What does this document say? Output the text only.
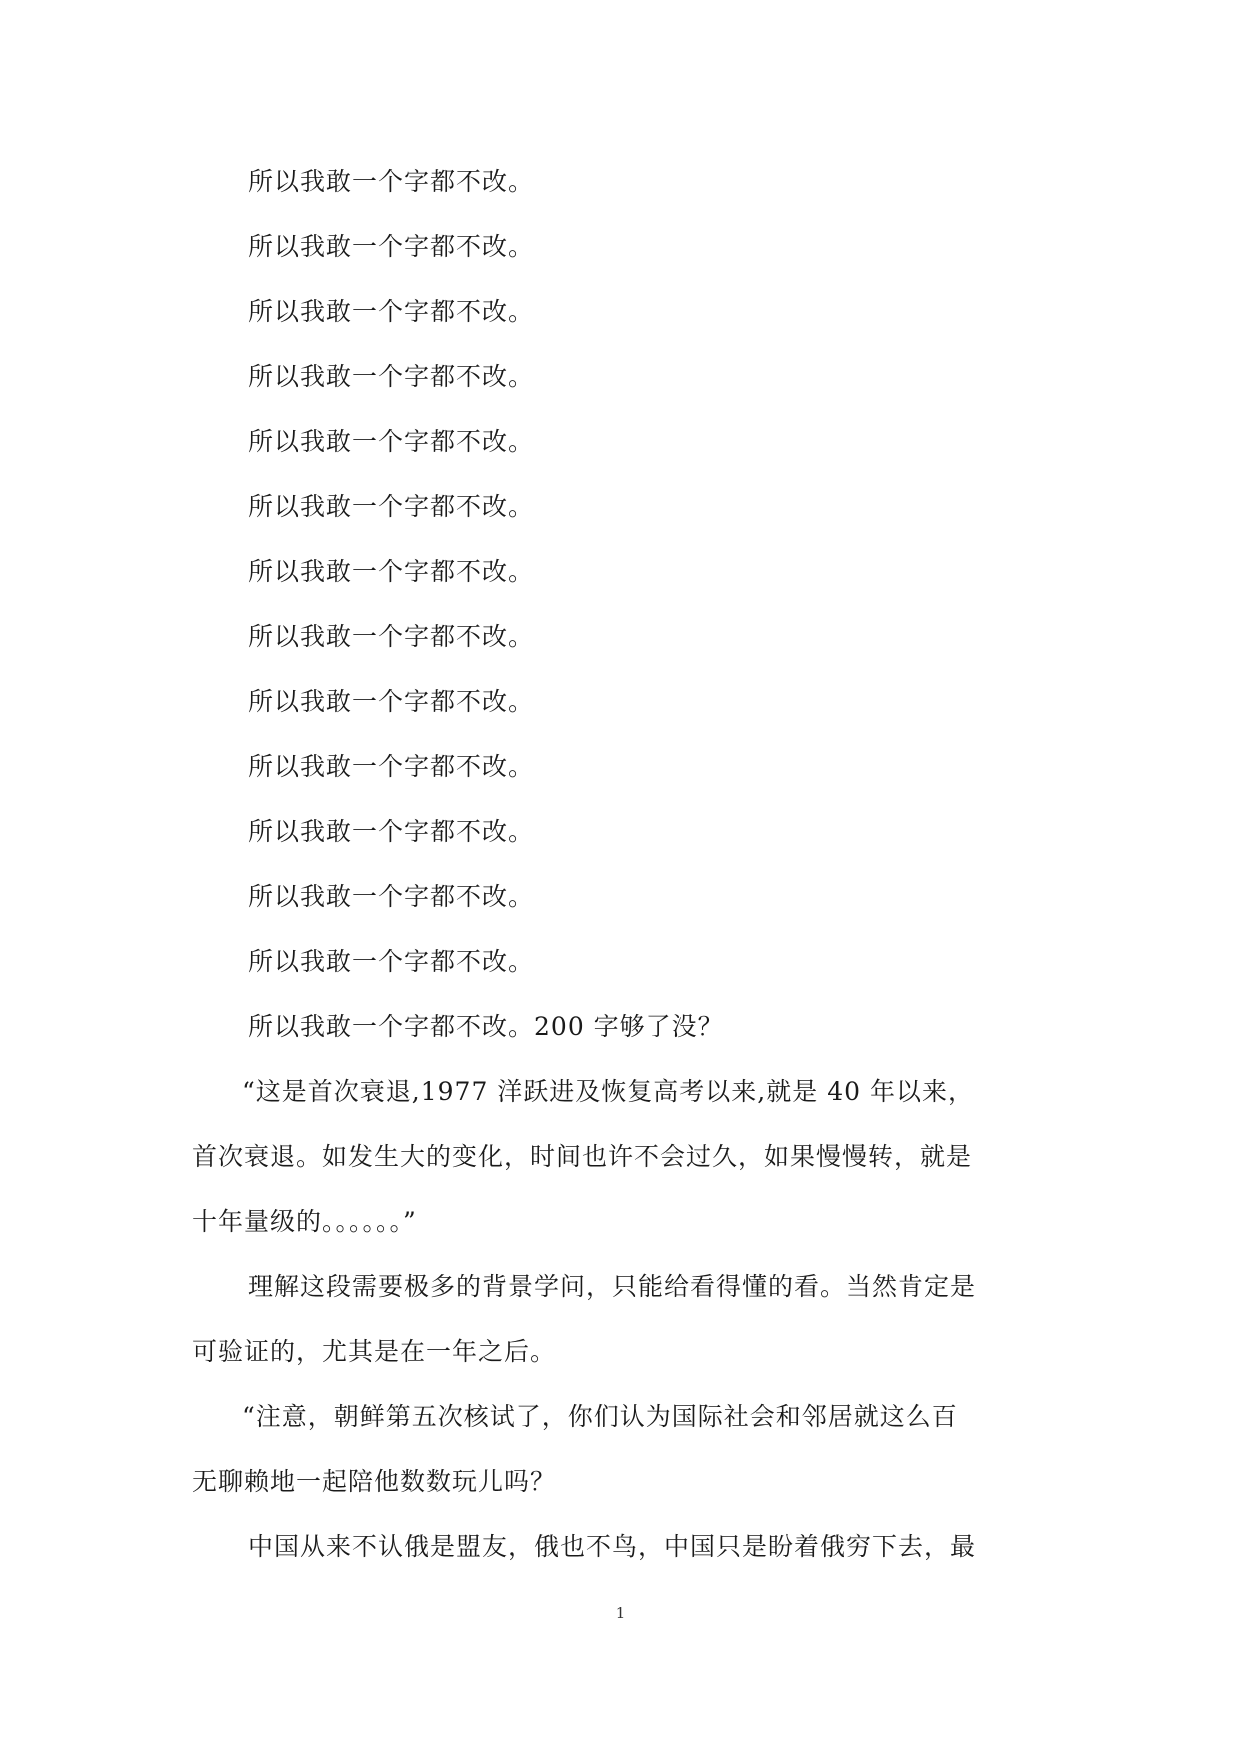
所以我敢一个字都不改。
所以我敢一个字都不改。
所以我敢一个字都不改。
所以我敢一个字都不改。
所以我敢一个字都不改。
所以我敢一个字都不改。
所以我敢一个字都不改。
所以我敢一个字都不改。
所以我敢一个字都不改。
所以我敢一个字都不改。
所以我敢一个字都不改。
所以我敢一个字都不改。
所以我敢一个字都不改。
所以我敢一个字都不改。200 字够了没？
“这是首次衰退,1977 洋跃进及恢复高考以来,就是 40 年以来，
首次衰退。如发生大的变化，时间也许不会过久，如果慢慢转，就是
十年量级的。。。。。。”
理解这段需要极多的背景学问，只能给看得懂的看。当然肯定是
可验证的，尤其是在一年之后。
“注意，朝鲜第五次核试了，你们认为国际社会和邻居就这么百
无聊赖地一起陪他数数玩儿吗？
中国从来不认俄是盟友，俄也不鸟，中国只是盼着俄穷下去，最
1
